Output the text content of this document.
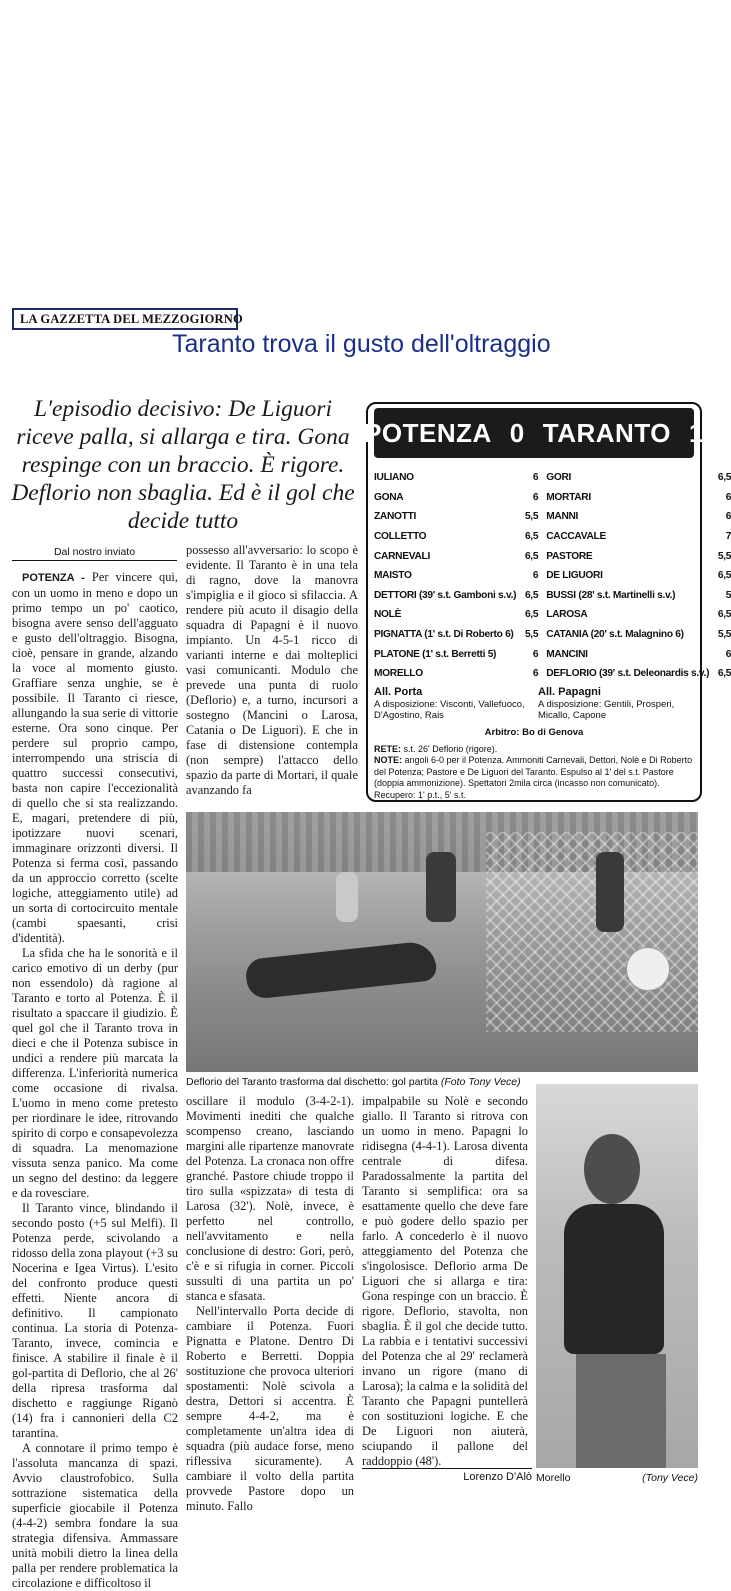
LA GAZZETTA DEL MEZZOGIORNO
Taranto trova il gusto dell'oltraggio
L'episodio decisivo: De Liguori riceve palla, si allarga e tira. Gona respinge con un braccio. È rigore. Deflorio non sbaglia. Ed è il gol che decide tutto
POTENZA 0 TARANTO 1
IULIANO	6
GONA	6
ZANOTTI	5,5
COLLETTO	6,5
CARNEVALI	6,5
MAISTO	6
DETTORI (39' s.t. Gamboni s.v.) 6,5
NOLÈ	6,5
PIGNATTA (1' s.t. Di Roberto 6)	5,5
PLATONE (1' s.t. Berretti 5)	6
MORELLO	6
GORI	6,5
MORTARI	6
MANNI	6
CACCAVALE	7
PASTORE	5,5
DE LIGUORI	6,5
BUSSI (28' s.t. Martinelli s.v.)	5
LAROSA	6,5
CATANIA (20' s.t. Malagnino 6)	5,5
MANCINI	6
DEFLORIO (39' s.t. Deleonardis s.v.) 6,5
All. Porta
A disposizione: Visconti, Vallefuoco, D'Agostino, Rais
All. Papagni
A disposizione: Gentili, Prosperi, Micallo, Capone
Arbitro: Bo di Genova
RETE: s.t. 26' Deflorio (rigore).
NOTE: angoli 6-0 per il Potenza. Ammoniti Carnevali, Dettori, Nolè e Di Roberto del Potenza; Pastore e De Liguori del Taranto. Espulso al 1' del s.t. Pastore (doppia ammonizione). Spettatori 2mila circa (incasso non comunicato). Recupero: 1' p.t., 5' s.t.
Dal nostro inviato

POTENZA - Per vincere qui, con un uomo in meno e dopo un primo tempo un po' caotico, bisogna avere senso dell'agguato e gusto dell'oltraggio. Bisogna, cioè, pensare in grande, alzando la voce al momento giusto. Graffiare senza unghie, se è possibile. Il Taranto ci riesce, allungando la sua serie di vittorie esterne. Ora sono cinque. Per perdere sul proprio campo, interrompendo una striscia di quattro successi consecutivi, basta non capire l'eccezionalità di quello che si sta realizzando. E, magari, pretendere di più, ipotizzare nuovi scenari, immaginare orizzonti diversi. Il Potenza si ferma così, passando da un approccio corretto (scelte logiche, atteggiamento utile) ad un sorta di cortocircuito mentale (cambi spaesanti, crisi d'identità).

La sfida che ha le sonorità e il carico emotivo di un derby (pur non essendolo) dà ragione al Taranto e torto al Potenza. È il risultato a spaccare il giudizio. È quel gol che il Taranto trova in dieci e che il Potenza subisce in undici a rendere più marcata la differenza. L'inferiorità numerica come occasione di rivalsa. L'uomo in meno come pretesto per riordinare le idee, ritrovando spirito di corpo e consapevolezza di squadra. La menomazione vissuta senza panico. Ma come un segno del destino: da leggere e da rovesciare.

Il Taranto vince, blindando il secondo posto (+5 sul Melfi). Il Potenza perde, scivolando a ridosso della zona playout (+3 su Nocerina e Igea Virtus). L'esito del confronto produce questi effetti. Niente ancora di definitivo. Il campionato continua. La storia di Potenza-Taranto, invece, comincia e finisce. A stabilire il finale è il gol-partita di Deflorio, che al 26' della ripresa trasforma dal dischetto e raggiunge Riganò (14) fra i cannonieri della C2 tarantina.

A connotare il primo tempo è l'assoluta mancanza di spazi. Avvio claustrofobico. Sulla sottrazione sistematica della superficie giocabile il Potenza (4-4-2) sembra fondare la sua strategia difensiva. Ammassare unità mobili dietro la linea della palla per rendere problematica la circolazione e difficoltoso il

possesso all'avversario: lo scopo è evidente. Il Taranto è in una tela di ragno, dove la manovra s'impiglia e il gioco si sfilaccia. A rendere più acuto il disagio della squadra di Papagni è il nuovo impianto. Un 4-5-1 ricco di varianti interne e dai molteplici vasi comunicanti. Modulo che prevede una punta di ruolo (Deflorio) e, a turno, incursori a sostegno (Mancini o Larosa, Catania o De Liguori). E che in fase di distensione contempla (non sempre) l'attacco dello spazio da parte di Mortari, il quale avanzando fa

Deflorio del Taranto trasforma dal dischetto: gol partita (Foto Tony Vece)

oscillare il modulo (3-4-2-1). Movimenti inediti che qualche scompenso creano, lasciando margini alle ripartenze manovrate del Potenza. La cronaca non offre granché. Pastore chiude troppo il tiro sulla «spizzata» di testa di Larosa (32'). Nolè, invece, è perfetto nel controllo, nell'avvitamento e nella conclusione di destro: Gori, però, c'è e si rifugia in corner. Piccoli sussulti di una partita un po' stanca e sfasata.

Nell'intervallo Porta decide di cambiare il Potenza. Fuori Pignatta e Platone. Dentro Di Roberto e Berretti. Doppia sostituzione che provoca ulteriori spostamenti: Nolè scivola a destra, Dettori si accentra. È sempre 4-4-2, ma è completamente un'altra idea di squadra (più audace forse, meno riflessiva sicuramente). A cambiare il volto della partita provvede Pastore dopo un minuto. Fallo

impalpabile su Nolè e secondo giallo. Il Taranto si ritrova con un uomo in meno. Papagni lo ridisegna (4-4-1). Larosa diventa centrale di difesa. Paradossalmente la partita del Taranto si semplifica: ora sa esattamente quello che deve fare e può godere dello spazio per farlo. A concederlo è il nuovo atteggiamento del Potenza che s'ingolosisce. Deflorio arma De Liguori che si allarga e tira: Gona respinge con un braccio. È rigore. Deflorio, stavolta, non sbaglia. È il gol che decide tutto. La rabbia e i tentativi successivi del Potenza che al 29' reclamerà invano un rigore (mano di Larosa); la calma e la solidità del Taranto che Papagni puntellerà con sostituzioni logiche. E che De Liguori non aiuterà, sciupando il pallone del raddoppio (48').

Lorenzo D'Alò Morello	(Tony Vece)
